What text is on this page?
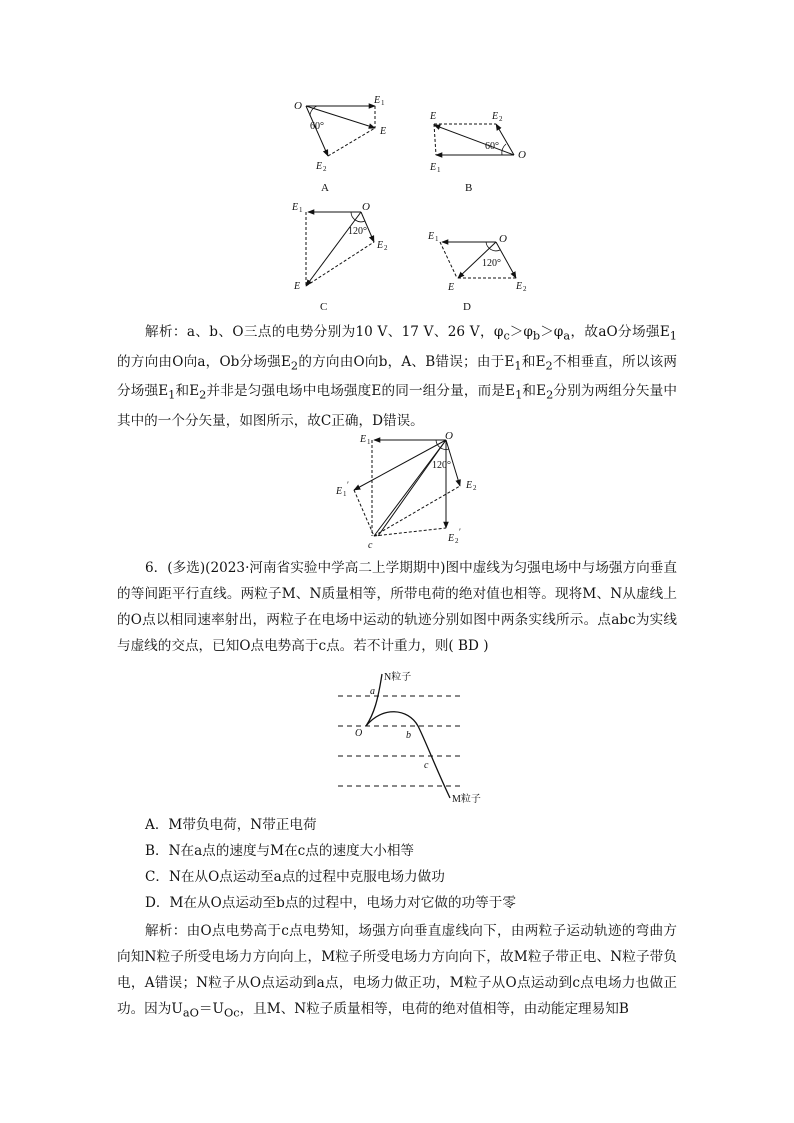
O
60°
E 1
E
E 2
A
60°
O
E	E 2
E 1
B
120°
O
E 1
E 2
E
C
120°
O
E 1
E	E 2
D
解析：a、b、O三点的电势分别为10 V、17 V、26 V，$\varphi_c>\varphi_b>\varphi_a$，故aO分场强$E_1$的方向由O向a，Ob分场强$E_2$的方向由O向b，A、B错误；由于$E_1$和$E_2$不相垂直，所以该两分场强$E_1$和$E_2$并非是匀强电场中电场强度E的同一组分量，而是$E_1$和$E_2$分别为两组分矢量中其中的一个分矢量，如图所示，故C正确，D错误。
120°
O
E 1
E 2
E 1
′
E 2
′
c
6．(多选)(2023·河南省实验中学高二上学期期中)图中虚线为匀强电场中与场强方向垂直的等间距平行直线。两粒子M、N质量相等，所带电荷的绝对值也相等。现将M、N从虚线上的O点以相同速率射出，两粒子在电场中运动的轨迹分别如图中两条实线所示。点abc为实线与虚线的交点，已知O点电势高于c点。若不计重力，则( BD )
N粒子
a
O	b
c
M粒子
A．M带负电荷，N带正电荷
B．N在a点的速度与M在c点的速度大小相等
C．N在从O点运动至a点的过程中克服电场力做功
D．M在从O点运动至b点的过程中，电场力对它做的功等于零
解析：由O点电势高于c点电势知，场强方向垂直虚线向下，由两粒子运动轨迹的弯曲方向知N粒子所受电场力方向向上，M粒子所受电场力方向向下，故M粒子带正电、N粒子带负电，A错误；N粒子从O点运动到a点，电场力做正功，M粒子从O点运动到c点电场力也做正功。因为$U_{aO}=U_{Oc}$，且M、N粒子质量相等，电荷的绝对值相等，由动能定理易知B
